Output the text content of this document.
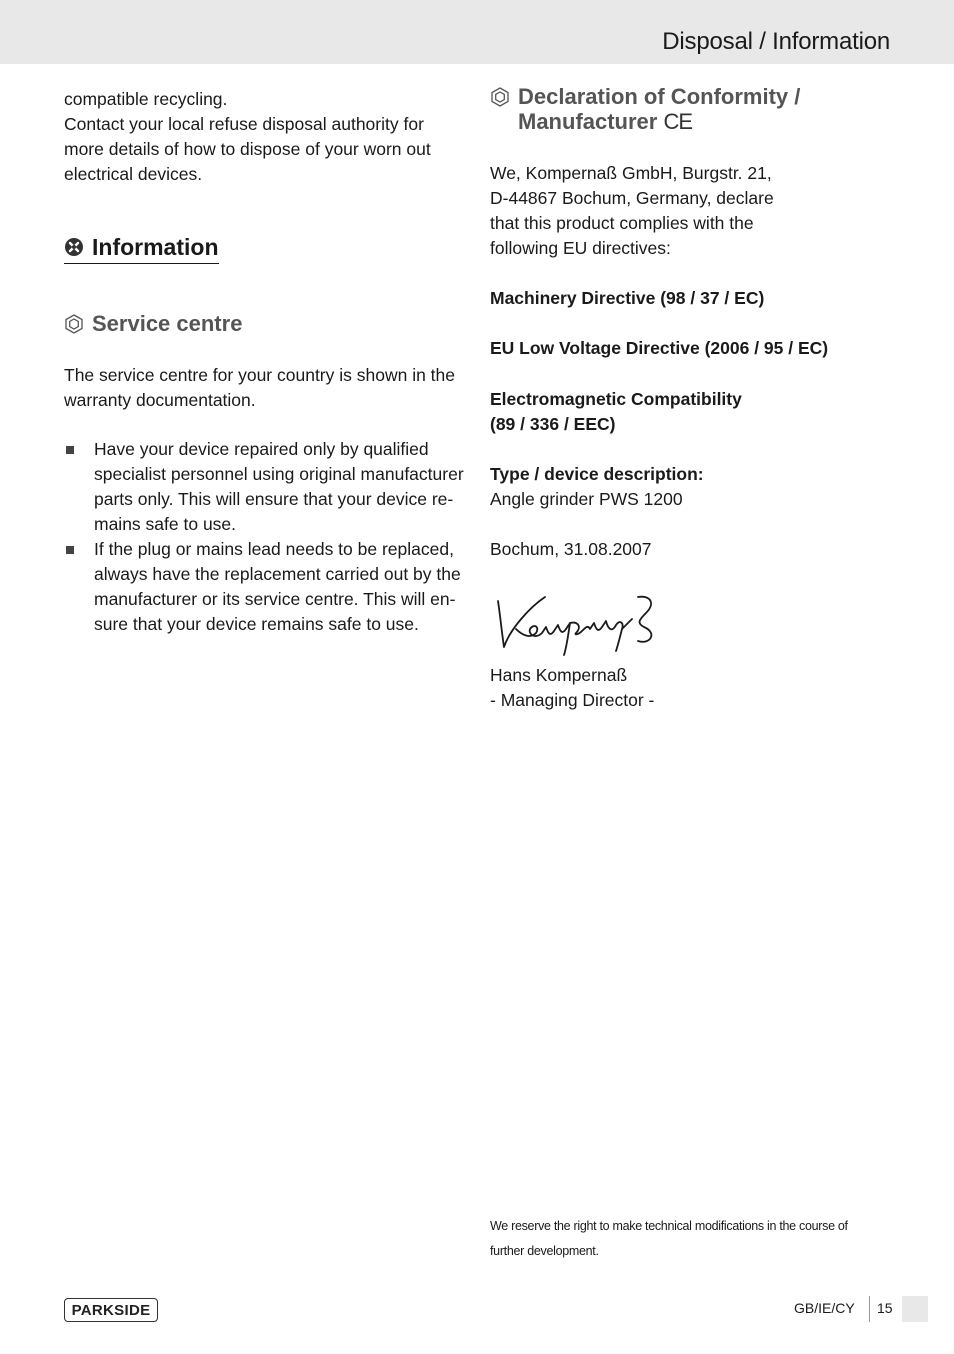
Disposal / Information

compatible recycling.

Contact your local refuse disposal authority for

more details of how to dispose of your worn out

electrical devices.

Information
Service centre

The service centre for your country is shown in the

warranty documentation.

Have your device repaired only by qualified
specialist personnel using original manufacturer
parts only. This will ensure that your device re-
mains safe to use.
If the plug or mains lead needs to be replaced,
always have the replacement carried out by the
manufacturer or its service centre. This will en-
sure that your device remains safe to use.
Declaration of Conformity /
Manufacturer CE

We, Kompernaß GmbH, Burgstr. 21,

D-44867 Bochum, Germany, declare

that this product complies with the

following EU directives:

Machinery Directive (98 / 37 / EC)

EU Low Voltage Directive (2006 / 95 / EC)

Electromagnetic Compatibility

(89 / 336 / EEC)

Type / device description:

Angle grinder PWS 1200

Bochum, 31.08.2007

Hans Kompernaß

- Managing Director -

We reserve the right to make technical modifications in the course of
further development.
PARKSIDE	GB/IE/CY 15
